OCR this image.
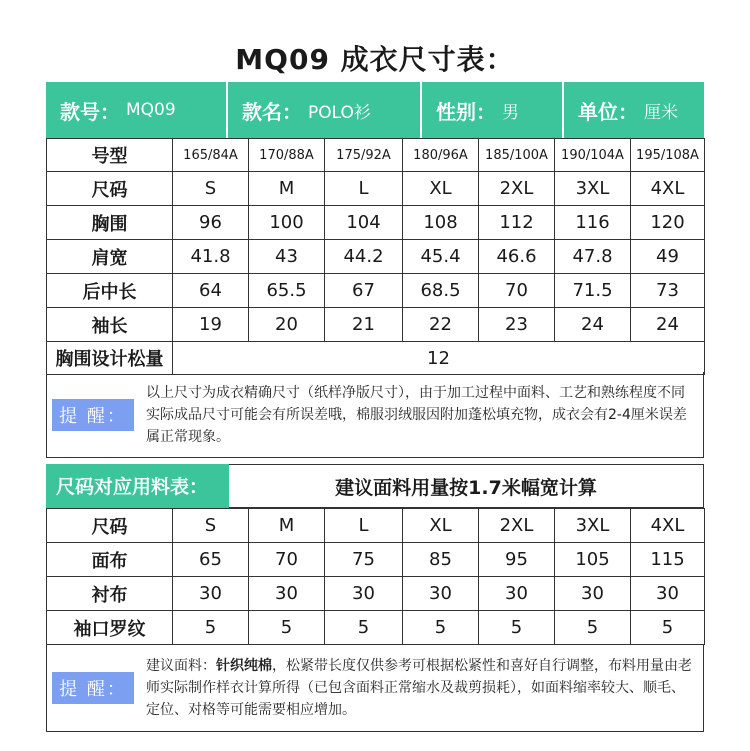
MQ09 成衣尺寸表：
款号： MQ09	款名： POLO衫	性别： 男	单位： 厘米
号型	165/84A	170/88A	175/92A	180/96A	185/100A	190/104A	195/108A
尺码	S	M	L	XL	2XL	3XL	4XL
胸围	96	100	104	108	112	116	120
肩宽	41.8	43	44.2	45.4	46.6	47.8	49
后中长	64	65.5	67	68.5	70	71.5	73
袖长	19	20	21	22	23	24	24
胸围设计松量	12						
提 醒：
以上尺寸为成衣精确尺寸（纸样净版尺寸），由于加工过程中面料、工艺和熟练程度不同实际成品尺寸可能会有所误差哦，棉服羽绒服因附加蓬松填充物，成衣会有2-4厘米误差属正常现象。
尺码对应用料表：	建议面料用量按1.7米幅宽计算
尺码	S	M	L	XL	2XL	3XL	4XL
面布	65	70	75	85	95	105	115
衬布	30	30	30	30	30	30	30
袖口罗纹	5	5	5	5	5	5	5
提 醒：
建议面料：针织纯棉，松紧带长度仅供参考可根据松紧性和喜好自行调整，布料用量由老师实际制作样衣计算所得（已包含面料正常缩水及裁剪损耗），如面料缩率较大、顺毛、定位、对格等可能需要相应增加。
